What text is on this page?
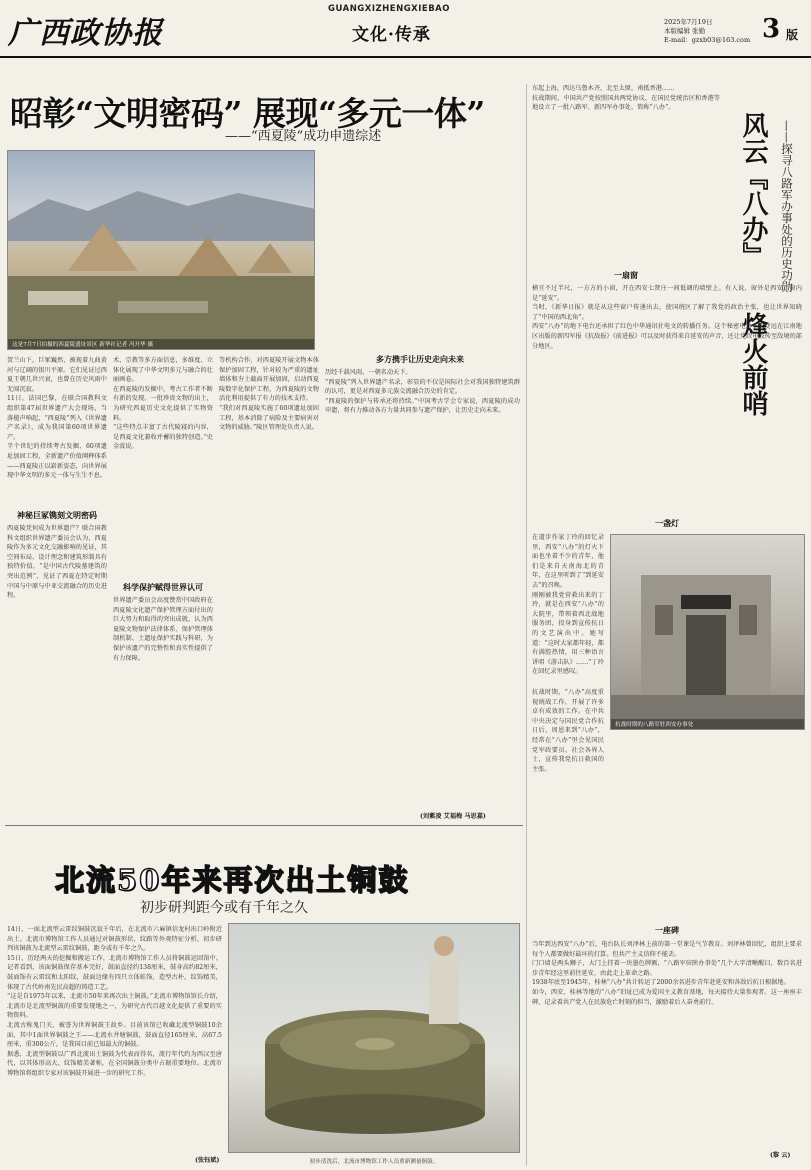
广西政协报
GUANGXIZHENGXIEBAO
文化·传承
2025年7月19日
本版编辑 张勤
E-mail：gzxb03@163.com 3 版
昭彰“文明密码” 展现“多元一体”
——“西夏陵”成功申遗综述
这是7月7日拍摄的西夏陵遗址景区 新华社记者 冯开华 摄
贺兰山下，巨冢巍然，被视着九曲黄河与辽阔的银川平原。它们见证过西夏王朝几世兴衰，也曾在历史风雨中无闻沉寂。
11日，法国巴黎，在联合国教科文组织第47届世界遗产大会现场，当落槌声响起，“西夏陵”列入《世界遗产名录》，成为我国第60项世界遗产。
半个世纪的持续考古发掘、60项遗址加固工程、全新遗产价值阐释体系——西夏陵正以崭新姿态，向世界展现中华文明的多元一体与生生不息。
神秘巨冢镌刻文明密码
西夏陵凭何成为世界遗产？联合国教科文组织世界遗产委员会认为，西夏陵作为多元文化交融影响的见证，其空间布局、设计理念和建筑形制具有独特价值，“是中国古代陵墓建筑的突出范例”，见证了西夏在特定时期中国与中原与中亚交流融合的历史进程。
术、宗教等多方面信息，多维度、立体化展现了中华文明多元与融合的壮丽画卷。
在西夏陵的发掘中，考古工作者不断有新的发现。一批珍贵文物的出土，为研究西夏历史文化提供了实物资料。
“这些特点丰富了古代陵寝的内容，是西夏文化兼收并蓄的独特创造。”史金波说。
科学保护赋得世界认可
世界遗产委员会高度赞赏中国政府在西夏陵文化遗产保护管理方面付出的巨大努力和取得的突出成就，认为西夏陵文物保护法律体系、保护管理体制机制、土遗址保护实践与科研，为保护该遗产的完整性和真实性提供了有力保障。
等机构合作，对西夏陵开展文物本体保护加固工程，针对较为严重的遗址墙体和夯土截面开展加固，启动西夏陵数字化保护工程，为西夏陵的文物活化利用提供了有力的技术支持。
“我们对西夏陵实施了60项遗址加固工程，基本消除了病险及主要病害对文物的威胁。”陵区管理处负责人说。
多方携手让历史走向未来
历经千载风雨，一朝名动天下。
“西夏陵”列入世界遗产名录，彰显的不仅是国际社会对我国独特建筑群的认可，更是对西夏多元族交流融合历史的肯定。
“西夏陵的保护与传承还将持续。”中国考古学会专家说，西夏陵的成功申遗，将有力推动各方力量共同参与遗产保护，让历史走向未来。
(刘紫凌 艾福梅 马思嘉)
东起上海，西达乌鲁木齐，北至太原，南抵香港……
抗战期间，中国共产党按照国共两党协议，在国民党统治区和香港等地设立了一批八路军、新四军办事处，简称“八办”。
风云『八办』
烽火前哨
——探寻八路军办事处的历史功勋
一扇窗
横亘不过半尺，一方方的小窗，开在西安七贤庄一间低调的墙壁上。有人说，窗外是西安，窗内是“延安”。
当时，《新华日报》就是从这些窗户传递出去，使国统区了解了我党的政治主张，也让世界知晓了“中国的西北角”。
西安“八办”的地下电台还承担了红色中华通讯社电文的转播任务。这个秘密电台不仅使远在江南地区出版的新四军报《抗敌报》《前进报》可以及时获得来自延安的声音，还让党政电波传至敌境的部分地区。
一盏灯
在道步作家丁玲的回忆录里，西安“八办”的灯火下面也坐着不少的青年，他们是来自天南海北的青年，在这里听到了“到延安去”的召唤。
刚刚被我党营救出来的丁玲，就是在西安“八办”的大院里，带领着西北战地服务团，投身到宣传抗日的文艺演出中。她写道：“这时大家都年轻，都有满腔热情，用三种语言讲唱《游击队》……”丁玲在回忆录里感叹。
抗战时期的八路军驻西安办事处
抗战时期，“八办”高度重视统战工作，开展了许多卓有成效的工作。在中共中央决定与国民党合作抗日后，周恩来到“八办”，经常在“八办”里会见国民党军政要员、社会各界人士，宣传我党抗日救国的主张。
一座碑
当年到达西安“八办”后，电台队长刘泽林上前的第一堂课是气节教育。刘泽林曾回忆，组织上要求每个人都要做好最坏的打算。但共产主义信仰不能丢。
门口墙是两头狮子，大门上挂着一块墨色牌匾，“八路军驻陕办事处”几个大字清晰醒目，数百名进步青年经这里前往延安，由此走上革命之路。
1938年底至1945年，桂林“八办”共计转运了2000余名进步青年赴延安和各敌后抗日根据地。
如今，西安、桂林等地的“八办”旧址已成为爱国主义教育基地，每天接待大量参观者。这一座座丰碑，记录着共产党人在民族危亡时刻的担当，激励着后人奋勇前行。
(黎 云)
北流50年来再次出土铜鼓
初步研判距今或有千年之久
14日，一面北流型云雷纹铜鼓沉寂千年后，在北流市六麻镇信龙村出口岭附近出土。北流市博物馆工作人员通过对铜鼓形状、纹路等外观特征分析，初步研判该铜鼓为北流型云雷纹铜鼓，距今或有千年之久。
15日，历经两天的挖掘和搬运工作，北流市博物馆工作人员将铜鼓运回馆中。记者看到，该面铜鼓保存基本完好，鼓面直径约138厘米，鼓身高约82厘米，鼓面饰有云雷纹和太阳纹，鼓面边缘有四只立体蛙饰，造型古朴，纹饰精美，体现了古代岭南先民高超的铸造工艺。
“这是自1975年以来，北流市50年来再次出土铜鼓。”北流市博物馆馆长介绍，北流市是北流型铜鼓的重要发现地之一，为研究古代百越文化提供了重要的实物资料。
北流古称鬼门关，被誉为世界铜鼓王故乡。目前该馆已收藏北流型铜鼓10余面，其中1面世界铜鼓之王——北流水井塘铜鼓，鼓面直径165厘米，高67.5厘米，重300公斤，是我国目前已知最大的铜鼓。
据悉，北流型铜鼓以广西北流出土铜鼓为代表而得名，流行年代约为西汉至唐代，以其体形高大、纹饰精美著称，在全国铜鼓分类中占据重要地位。北流市博物馆将组织专家对该铜鼓开展进一步的研究工作。
(张钰斌)	初步清洗后，北流市博物馆工作人员重新测量铜鼓。
